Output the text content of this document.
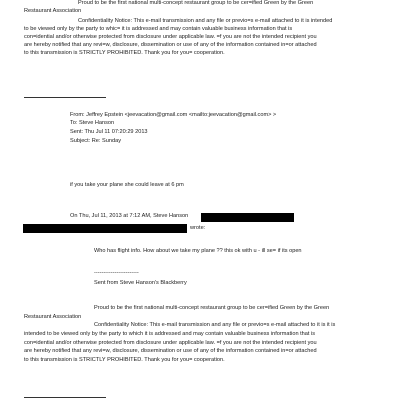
Proud to be the first national multi-concept restaurant group to be cer=ified Green by the Green
Restaurant Association
Confidentiality Notice: This e-mail transmission and any file or previo=s e-mail attached to it is intended
to be viewed only by the party to whic= it is addressed and may contain valuable business information that is
con=idential and/or otherwise protected from disclosure under applicable law. =f you are not the intended recipient you
are hereby notified that any revi=w, disclosure, dissemination or use of any of the information contained in=or attached
to this transmission is STRICTLY PROHIBITED. Thank you for you= cooperation.
From: Jeffrey Epstein <jeevacation@gmail.com <mailto:jeevacation@gmail.com> >
To: Steve Hanson
Sent: Thu Jul 11 07:20:29 2013
Subject: Re: Sunday
if you take your plane she could leave at 6 pm
On Thu, Jul 11, 2013 at 7:12 AM, Steve Hanson
wrote:
Who has flight info. How about we take my plane ?? this ok with u - ill se= if its open
------------------------
Sent from Steve Hanson's Blackberry
Proud to be the first national multi-concept restaurant group to be cer=ified Green by the Green
Restaurant Association
Confidentiality Notice: This e-mail transmission and any file or previo=s e-mail attached to it is it is
intended to be viewed only by the party to which it is addressed and may contain valuable business information that is
con=idential and/or otherwise protected from disclosure under applicable law. =f you are not the intended recipient you
are hereby notified that any revi=w, disclosure, dissemination or use of any of the information contained in=or attached
to this transmission is STRICTLY PROHIBITED. Thank you for you= cooperation.
